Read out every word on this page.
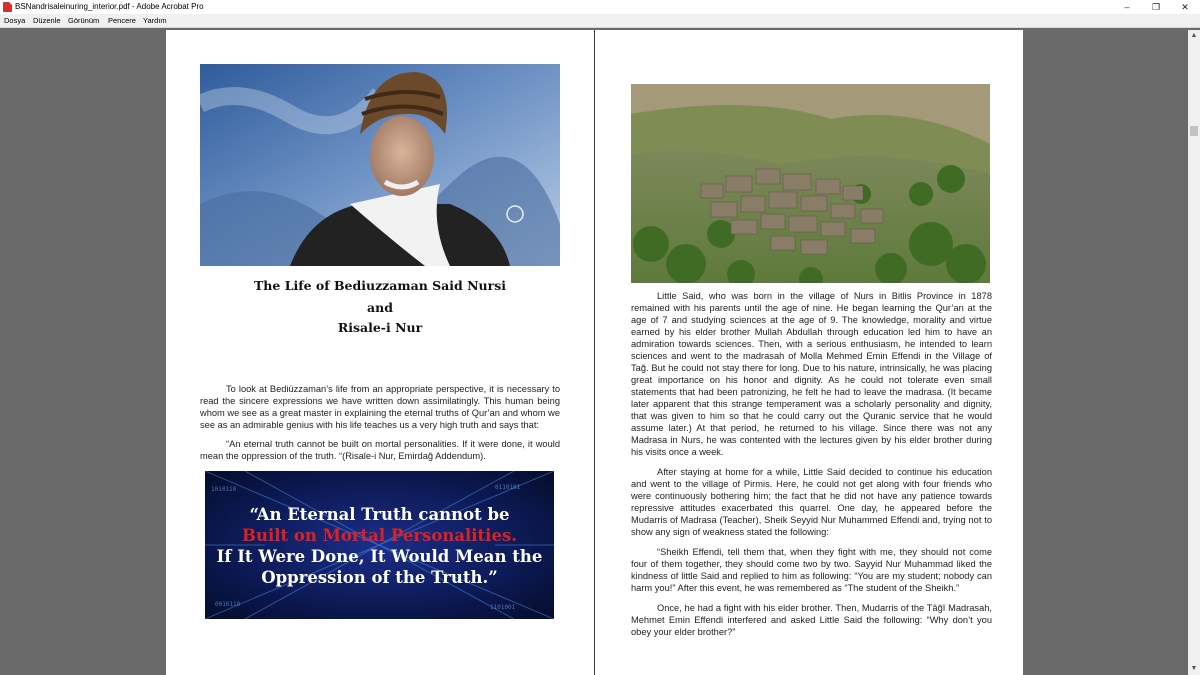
BSNandrisaleinuring_interior.pdf - Adobe Acrobat Pro	–	❐	✕
Dosya Düzenle Görünüm Pencere Yardım
The Life of Bediuzzaman Said Nursi
and
Risale-i Nur

To look at Bediüzzaman’s life from an appropriate perspective, it is necessary to read the sincere expressions we have written down assimilatingly. This human being whom we see as a great master in explaining the eternal truths of Qur’an and whom we see as an admirable genius with his life teaches us a very high truth and says that:

“An eternal truth cannot be built on mortal personalities. If it were done, it would mean the oppression of the truth. “(Risale-i Nur, Emirdağ Addendum).

1010110	0110101
0010110	1101001
“An Eternal Truth cannot be
Built on Mortal Personalities.
If It Were Done, It Would Mean the
Oppression of the Truth.”

Little Said, who was born in the village of Nurs in Bitlis Province in 1878 remained with his parents until the age of nine. He began learning the Qur’an at the age of 7 and studying sciences at the age of 9. The knowledge, morality and virtue earned by his elder brother Mullah Abdullah through education led him to have an admiration towards sciences. Then, with a serious enthusiasm, he intended to learn sciences and went to the madrasah of Molla Mehmed Emin Effendi in the Village of Tağ. But he could not stay there for long. Due to his nature, intrinsically, he was placing great importance on his honor and dignity. As he could not tolerate even small statements that had been patronizing, he felt he had to leave the madrasa. (It became later apparent that this strange temperament was a scholarly personality and dignity, that was given to him so that he could carry out the Quranic service that he would assume later.) At that period, he returned to his village. Since there was not any Madrasa in Nurs, he was contented with the lectures given by his elder brother during his visits once a week.

After staying at home for a while, Little Said decided to continue his education and went to the village of Pirmis. Here, he could not get along with four friends who were continuously bothering him; the fact that he did not have any patience towards repressive attitudes exacerbated this quarrel. One day, he appeared before the Mudarris of Madrasa (Teacher), Sheik Seyyid Nur Muhammed Effendi and, trying not to show any sign of weakness stated the following:

“Sheikh Effendi, tell them that, when they fight with me, they should not come four of them together, they should come two by two. Sayyid Nur Muhammad liked the kindness of little Said and replied to him as following: “You are my student; nobody can harm you!” After this event, he was remembered as “The student of the Sheikh.”

Once, he had a fight with his elder brother. Then, Mudarris of the Tâğî Madrasah, Mehmet Emin Effendi interfered and asked Little Said the following: “Why don’t you obey your elder brother?”

▲
▼
